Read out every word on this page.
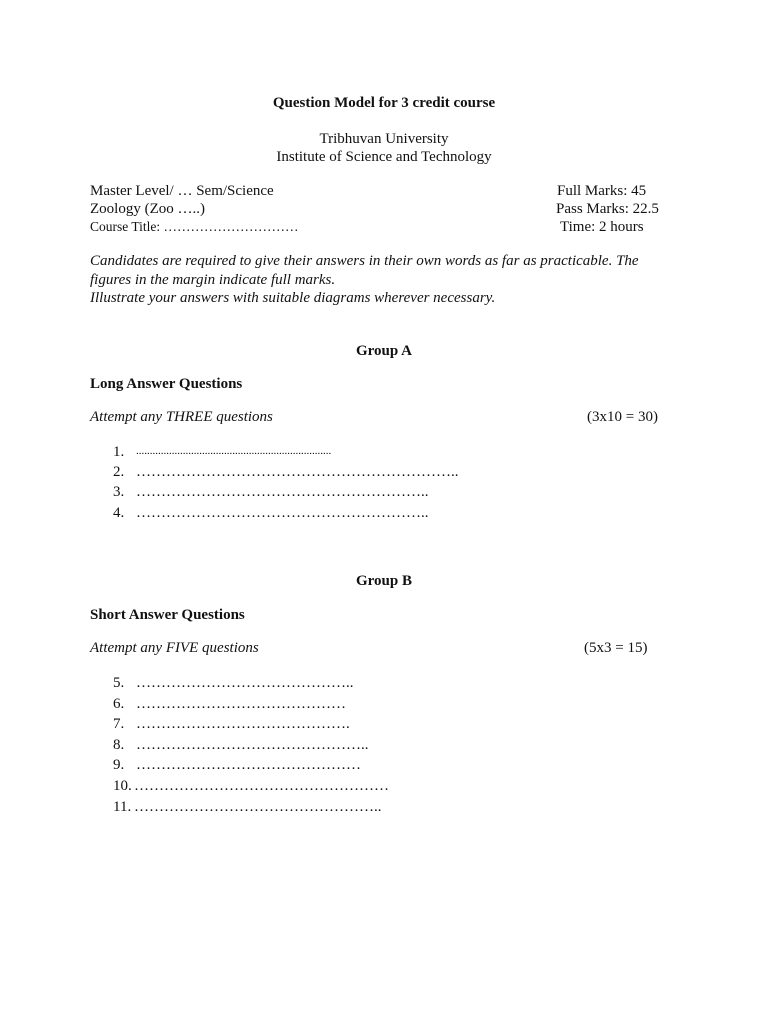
Question Model for 3 credit course
Tribhuvan University
Institute of Science and Technology
Master Level/ … Sem/Science
Zoology (Zoo …..)
Course Title: …………………………
Full Marks: 45
Pass Marks: 22.5
Time: 2 hours
Candidates are required to give their answers in their own words as far as practicable. The
figures in the margin indicate full marks.
Illustrate your answers with suitable diagrams wherever necessary.
Group A
Long Answer Questions
Attempt any THREE questions	(3x10 = 30)
1. .......................................................................
2. ………………………………………………………..
3. …………………………………………………..
4. …………………………………………………..
Group B
Short Answer Questions
Attempt any FIVE questions	(5x3 = 15)
5. ……………………………………..
6. ……………………………………
7. …………………………………….
8. ………………………………………..
9. ………………………………………
10. ……………………………………………
11. …………………………………………..
